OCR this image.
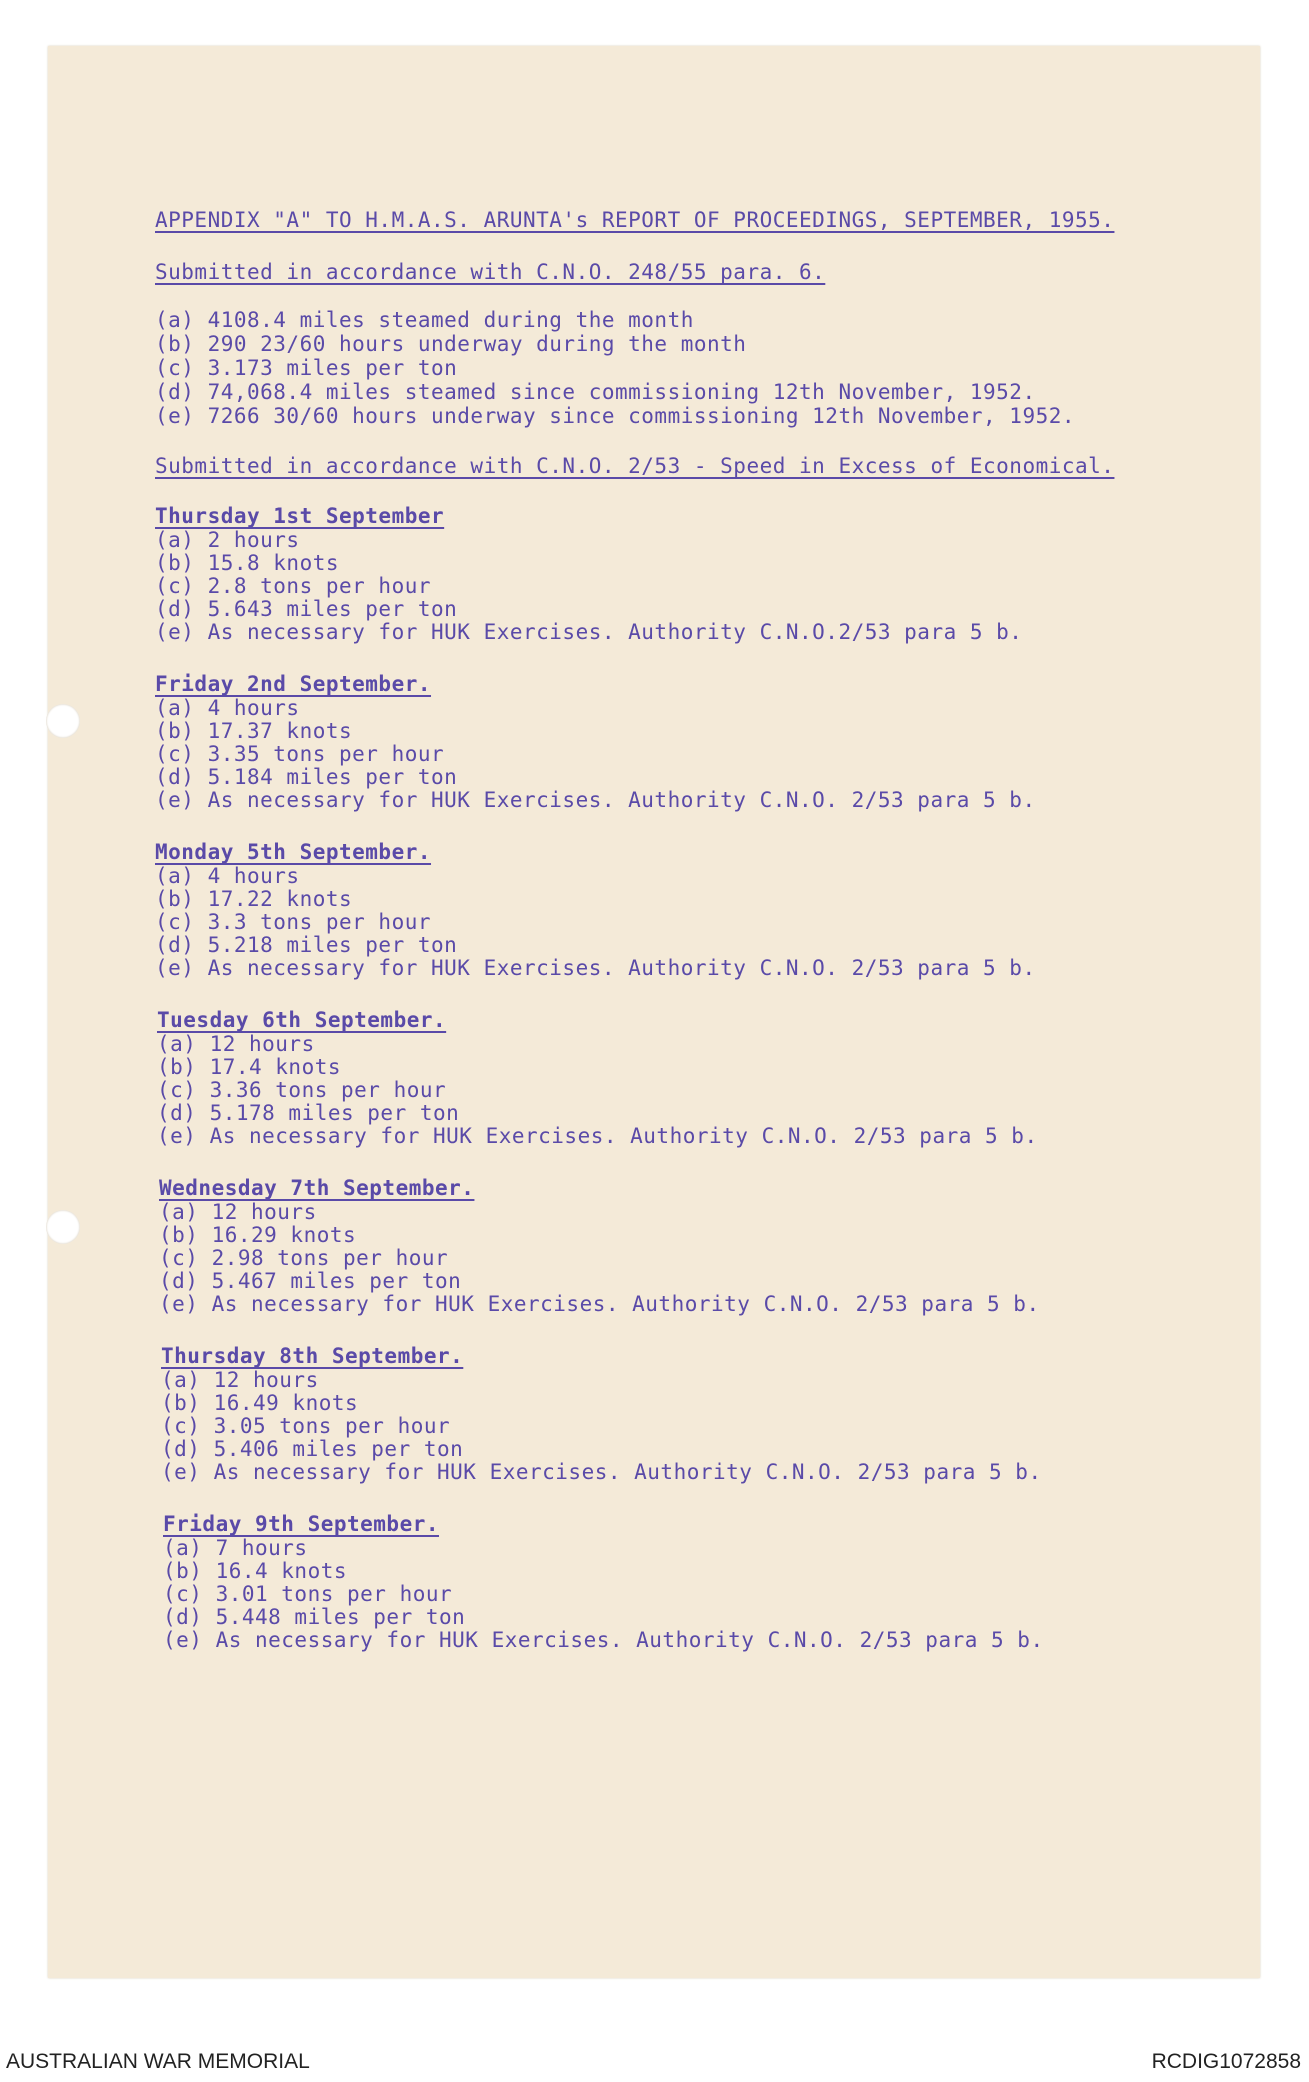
APPENDIX "A" TO H.M.A.S. ARUNTA's REPORT OF PROCEEDINGS, SEPTEMBER, 1955.
Submitted in accordance with C.N.O. 248/55 para. 6.
(a) 4108.4 miles steamed during the month
(b) 290 23/60 hours underway during the month
(c) 3.173 miles per ton
(d) 74,068.4 miles steamed since commissioning 12th November, 1952.
(e) 7266 30/60 hours underway since commissioning 12th November, 1952.
Submitted in accordance with C.N.O. 2/53 - Speed in Excess of Economical.
Thursday 1st September
(a) 2 hours
(b) 15.8 knots
(c) 2.8 tons per hour
(d) 5.643 miles per ton
(e) As necessary for HUK Exercises. Authority C.N.O.2/53 para 5 b.
Friday 2nd September.
(a) 4 hours
(b) 17.37 knots
(c) 3.35 tons per hour
(d) 5.184 miles per ton
(e) As necessary for HUK Exercises. Authority C.N.O. 2/53 para 5 b.
Monday 5th September.
(a) 4 hours
(b) 17.22 knots
(c) 3.3 tons per hour
(d) 5.218 miles per ton
(e) As necessary for HUK Exercises. Authority C.N.O. 2/53 para 5 b.
Tuesday 6th September.
(a) 12 hours
(b) 17.4 knots
(c) 3.36 tons per hour
(d) 5.178 miles per ton
(e) As necessary for HUK Exercises. Authority C.N.O. 2/53 para 5 b.
Wednesday 7th September.
(a) 12 hours
(b) 16.29 knots
(c) 2.98 tons per hour
(d) 5.467 miles per ton
(e) As necessary for HUK Exercises. Authority C.N.O. 2/53 para 5 b.
Thursday 8th September.
(a) 12 hours
(b) 16.49 knots
(c) 3.05 tons per hour
(d) 5.406 miles per ton
(e) As necessary for HUK Exercises. Authority C.N.O. 2/53 para 5 b.
Friday 9th September.
(a) 7 hours
(b) 16.4 knots
(c) 3.01 tons per hour
(d) 5.448 miles per ton
(e) As necessary for HUK Exercises. Authority C.N.O. 2/53 para 5 b.
AUSTRALIAN WAR MEMORIAL	RCDIG1072858
